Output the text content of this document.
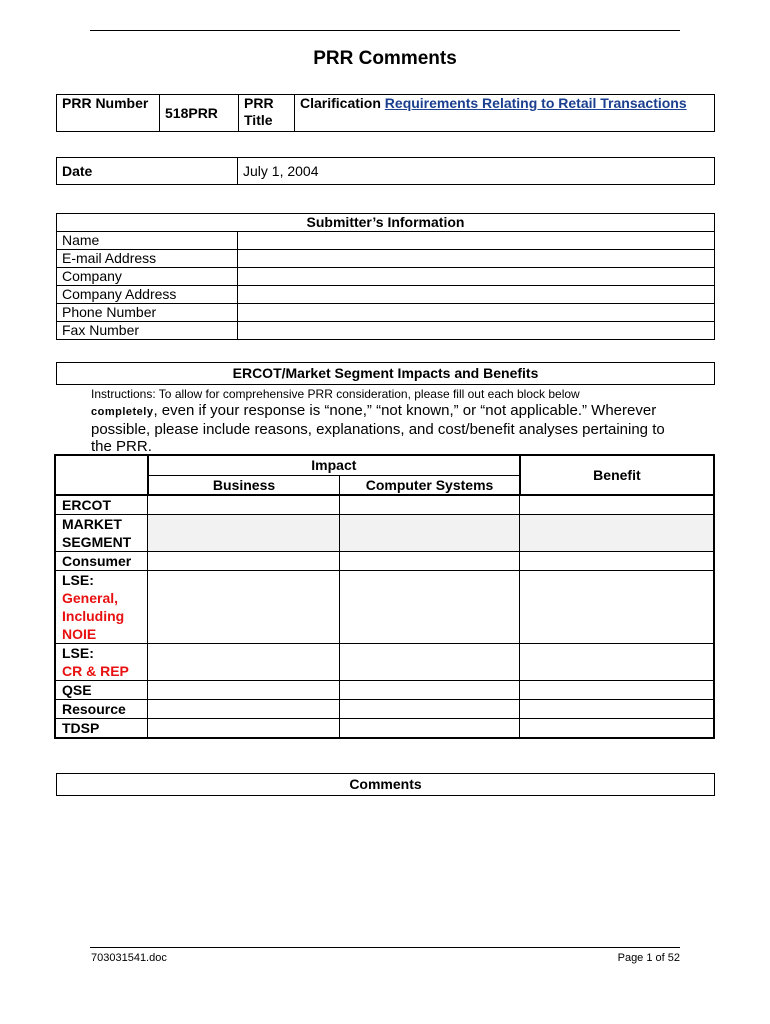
PRR Comments
PRR Number	518PRR	PRR Title	Clarification Requirements Relating to Retail Transactions
Date	July 1, 2004
Submitter’s Information	
Name	
E-mail Address	
Company	
Company Address	
Phone Number	
Fax Number	
ERCOT/Market Segment Impacts and Benefits
Instructions: To allow for comprehensive PRR consideration, please fill out each block below
completely, even if your response is “none,” “not known,” or “not applicable.” Wherever possible, please include reasons, explanations, and cost/benefit analyses pertaining to the PRR.
	Impact		Benefit
	Business	Computer Systems	
ERCOT			
MARKET SEGMENT			
Consumer			

LSE:
General, Including NOIE			

LSE:
CR & REP			

QSE			
Resource			
TDSP			
Comments
703031541.doc	Page 1 of 52
